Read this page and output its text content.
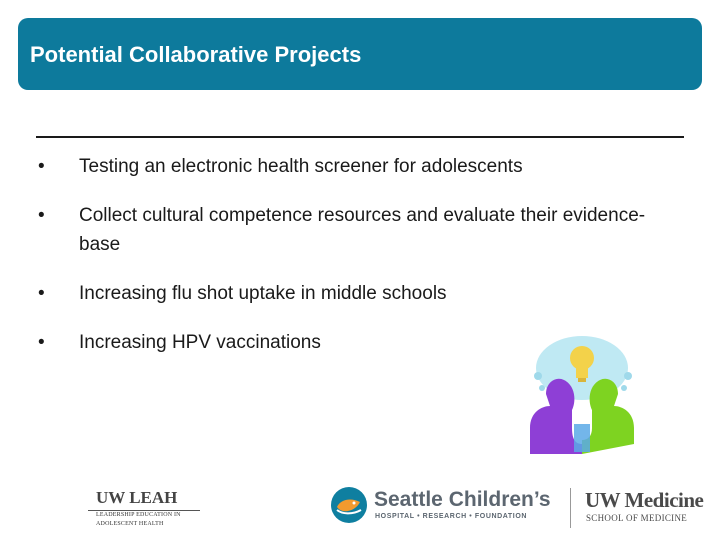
Potential Collaborative Projects
•	Testing an electronic health screener for adolescents
•	Collect cultural competence resources and evaluate their evidence-base
•	Increasing flu shot uptake in middle schools
•	Increasing HPV vaccinations
UW LEAH
LEADERSHIP EDUCATION IN
ADOLESCENT HEALTH
Seattle Children’s
HOSPITAL • RESEARCH • FOUNDATION
UW Medicine
SCHOOL OF MEDICINE
